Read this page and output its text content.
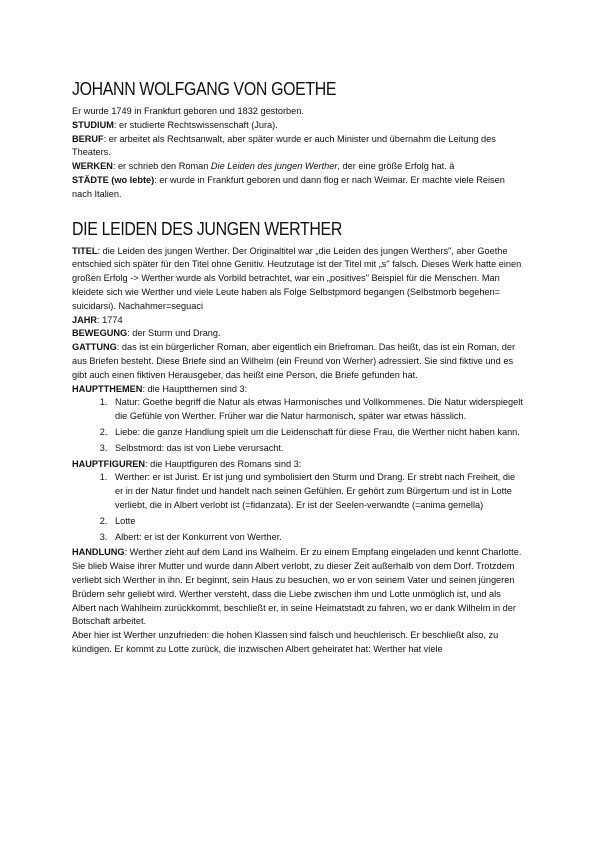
JOHANN WOLFGANG VON GOETHE

Er wurde 1749 in Frankfurt geboren und 1832 gestorben.

STUDIUM: er studierte Rechtswissenschaft (Jura).

BERUF: er arbeitet als Rechtsanwalt, aber später wurde er auch Minister und übernahm die Leitung des Theaters.

WERKEN: er schrieb den Roman Die Leiden des jungen Werther, der eine größe Erfolg hat. ä

STÄDTE (wo lebte): er wurde in Frankfurt geboren und dann flog er nach Weimar. Er machte viele Reisen nach Italien.

DIE LEIDEN DES JUNGEN WERTHER

TITEL: die Leiden des jungen Werther. Der Originaltitel war „die Leiden des jungen Werthers", aber Goethe entschied sich später für den Titel ohne Genitiv. Heutzutage ist der Titel mit „s" falsch. Dieses Werk hatte einen großen Erfolg -> Werther wurde als Vorbild betrachtet, war ein „positives" Beispiel für die Menschen. Man kleidete sich wie Werther und viele Leute haben als Folge Selbstpmord begangen (Selbstmorb begehen= suicidarsi). Nachahmer=seguaci

JAHR: 1774

BEWEGUNG: der Sturm und Drang.

GATTUNG: das ist ein bürgerlicher Roman, aber eigentlich ein Briefroman. Das heißt, das ist ein Roman, der aus Briefen besteht. Diese Briefe sind an Wilhelm (ein Freund von Werher) adressiert. Sie sind fiktive und es gibt auch einen fiktiven Herausgeber, das heißt eine Person, die Briefe gefunden hat.

HAUPTTHEMEN: die Hauptthemen sind 3:

1. Natur: Goethe begriff die Natur als etwas Harmonisches und Vollkommenes. Die Natur widerspiegelt die Gefühle von Werther. Früher war die Natur harmonisch, später war etwas hässlich.
2. Liebe: die ganze Handlung spielt um die Leidenschaft für diese Frau, die Werther nicht haben kann.
3. Selbstmord: das ist von Liebe verursacht.

HAUPTFIGUREN: die Hauptfiguren des Romans sind 3:

1. Werther: er ist Jurist. Er ist jung und symbolisiert den Sturm und Drang. Er strebt nach Freiheit, die er in der Natur findet und handelt nach seinen Gefühlen. Er gehört zum Bürgertum und ist in Lotte verliebt, die in Albert verlobt ist (=fidanzata). Er ist der Seelen-verwandte (=anima gemella)
2. Lotte
3. Albert: er ist der Konkurrent von Werther.

HANDLUNG: Werther zieht auf dem Land ins Walheim. Er zu einem Empfang eingeladen und kennt Charlotte. Sie blieb Waise ihrer Mutter und wurde dann Albert verlobt, zu dieser Zeit außerhalb von dem Dorf. Trotzdem verliebt sich Werther in ihn. Er beginnt, sein Haus zu besuchen, wo er von seinem Vater und seinen jüngeren Brüdern sehr geliebt wird. Werther versteht, dass die Liebe zwischen ihm und Lotte unmöglich ist, und als Albert nach Wahlheim zurückkommt, beschließt er, in seine Heimatstadt zu fahren, wo er dank Wilhelm in der Botschaft arbeitet.

Aber hier ist Werther unzufrieden: die hohen Klassen sind falsch und heuchlerisch. Er beschließt also, zu kündigen. Er kommt zu Lotte zurück, die inzwischen Albert geheiratet hat: Werther hat viele
